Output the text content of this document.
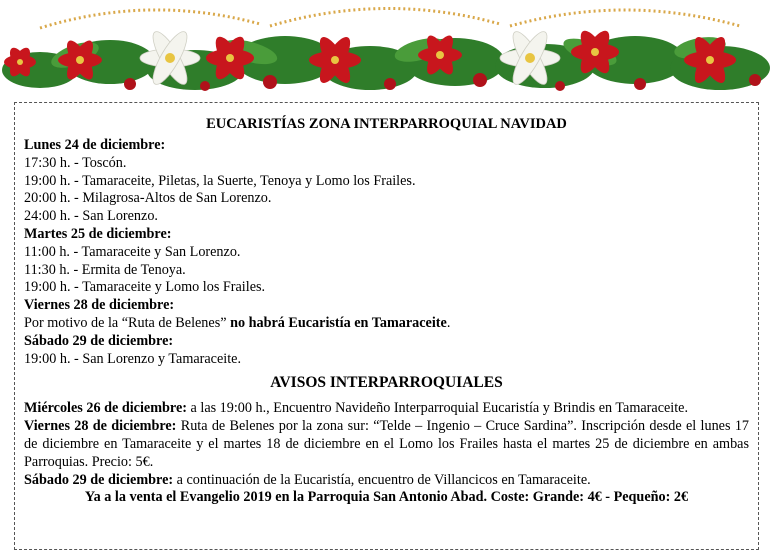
EUCARISTÍAS ZONA INTERPARROQUIAL NAVIDAD
Lunes 24 de diciembre:
17:30 h. - Toscón.
19:00 h. - Tamaraceite, Piletas, la Suerte, Tenoya y Lomo los Frailes.
20:00 h. - Milagrosa-Altos de San Lorenzo.
24:00 h. - San Lorenzo.
Martes 25 de diciembre:
11:00 h. - Tamaraceite y San Lorenzo.
11:30 h. - Ermita de Tenoya.
19:00 h. - Tamaraceite y Lomo los Frailes.
Viernes 28 de diciembre:
Por motivo de la “Ruta de Belenes” no habrá Eucaristía en Tamaraceite.
Sábado 29 de diciembre:
19:00 h. - San Lorenzo y Tamaraceite.
AVISOS INTERPARROQUIALES
Miércoles 26 de diciembre: a las 19:00 h., Encuentro Navideño Interparroquial Eucaristía y Brindis en Tamaraceite.
Viernes 28 de diciembre: Ruta de Belenes por la zona sur: “Telde – Ingenio – Cruce Sardina”. Inscripción desde el lunes 17 de diciembre en Tamaraceite y el martes 18 de diciembre en el Lomo los Frailes hasta el martes 25 de diciembre en ambas Parroquias. Precio: 5€.
Sábado 29 de diciembre: a continuación de la Eucaristía, encuentro de Villancicos en Tamaraceite.
Ya a la venta el Evangelio 2019 en la Parroquia San Antonio Abad. Coste: Grande: 4€ - Pequeño: 2€
